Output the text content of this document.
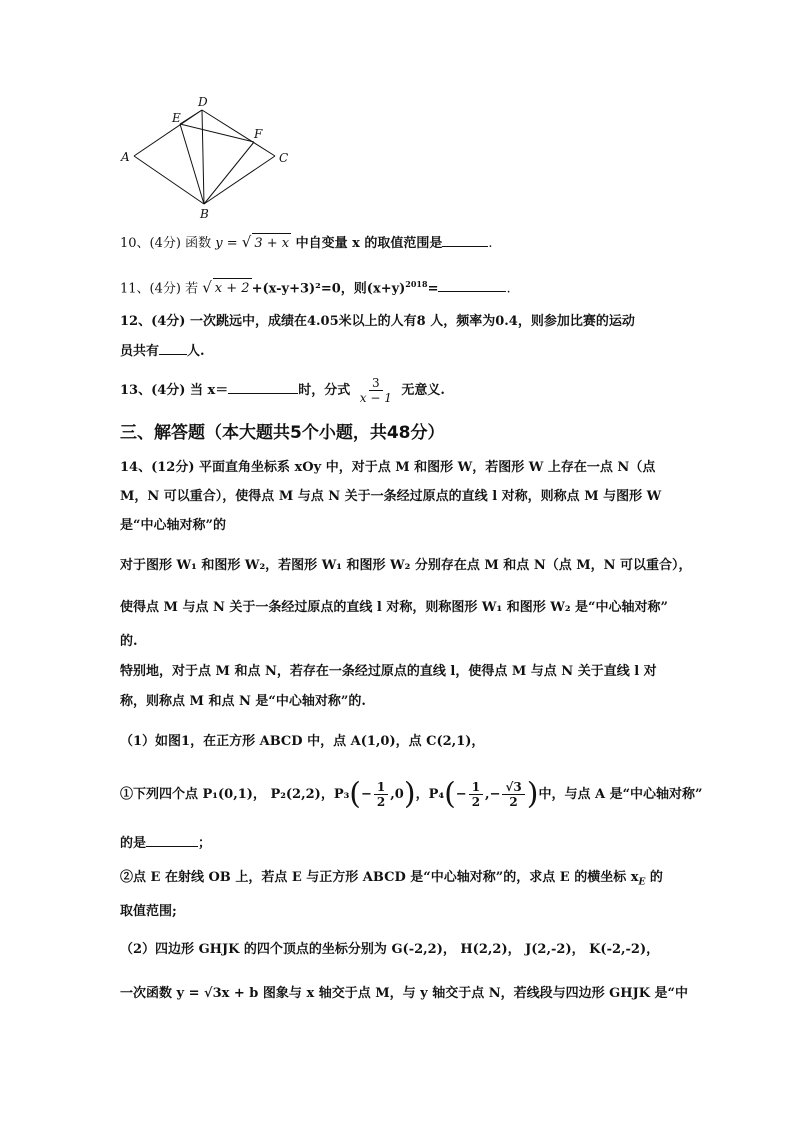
A
D
E
F
C
B
10、(4分) 函数 y = √ 3 + x 中自变量 x 的取值范围是	.
11、(4分) 若 √ x + 2 +(x-y+3)²=0，则$(x+y)^{2018}=$	.
12、(4分) 一次跳远中，成绩在4.05米以上的人有8 人，频率为0.4，则参加比赛的运动
员共有 人.
13、(4分) 当 x＝	时，分式 $\frac{3}{x - 1}$ 无意义.
三、解答题（本大题共5个小题，共48分）
14、(12分) 平面直角坐标系 xOy 中，对于点 M 和图形 W，若图形 W 上存在一点 N（点
M，N 可以重合），使得点 M 与点 N 关于一条经过原点的直线 l 对称，则称点 M 与图形 W
是“中心轴对称”的
对于图形 W₁ 和图形 W₂，若图形 W₁ 和图形 W₂ 分别存在点 M 和点 N（点 M，N 可以重合），
使得点 M 与点 N 关于一条经过原点的直线 l 对称，则称图形 W₁ 和图形 W₂ 是“中心轴对称”
的.
特别地，对于点 M 和点 N，若存在一条经过原点的直线 l，使得点 M 与点 N 关于直线 l 对
称，则称点 M 和点 N 是“中心轴对称”的.
（1）如图1，在正方形 ABCD 中，点 A(1,0)，点 C(2,1)，
①下列四个点 P₁(0,1)， P₂(2,2)，$P_3(- \frac{1}{2} ,0)$，$P_4(- \frac{1}{2}$ ,− $\frac{√3}{2}$ )中，与点 A 是“中心轴对称”
的是	；
②点 E 在射线 OB 上，若点 E 与正方形 ABCD 是“中心轴对称”的，求点 E 的横坐标 $x_E$ 的
取值范围;
（2）四边形 GHJK 的四个顶点的坐标分别为 G(-2,2)， H(2,2)， J(2,-2)， K(-2,-2)，
一次函数 y = √3x + b 图象与 x 轴交于点 M，与 y 轴交于点 N，若线段与四边形 GHJK 是“中
